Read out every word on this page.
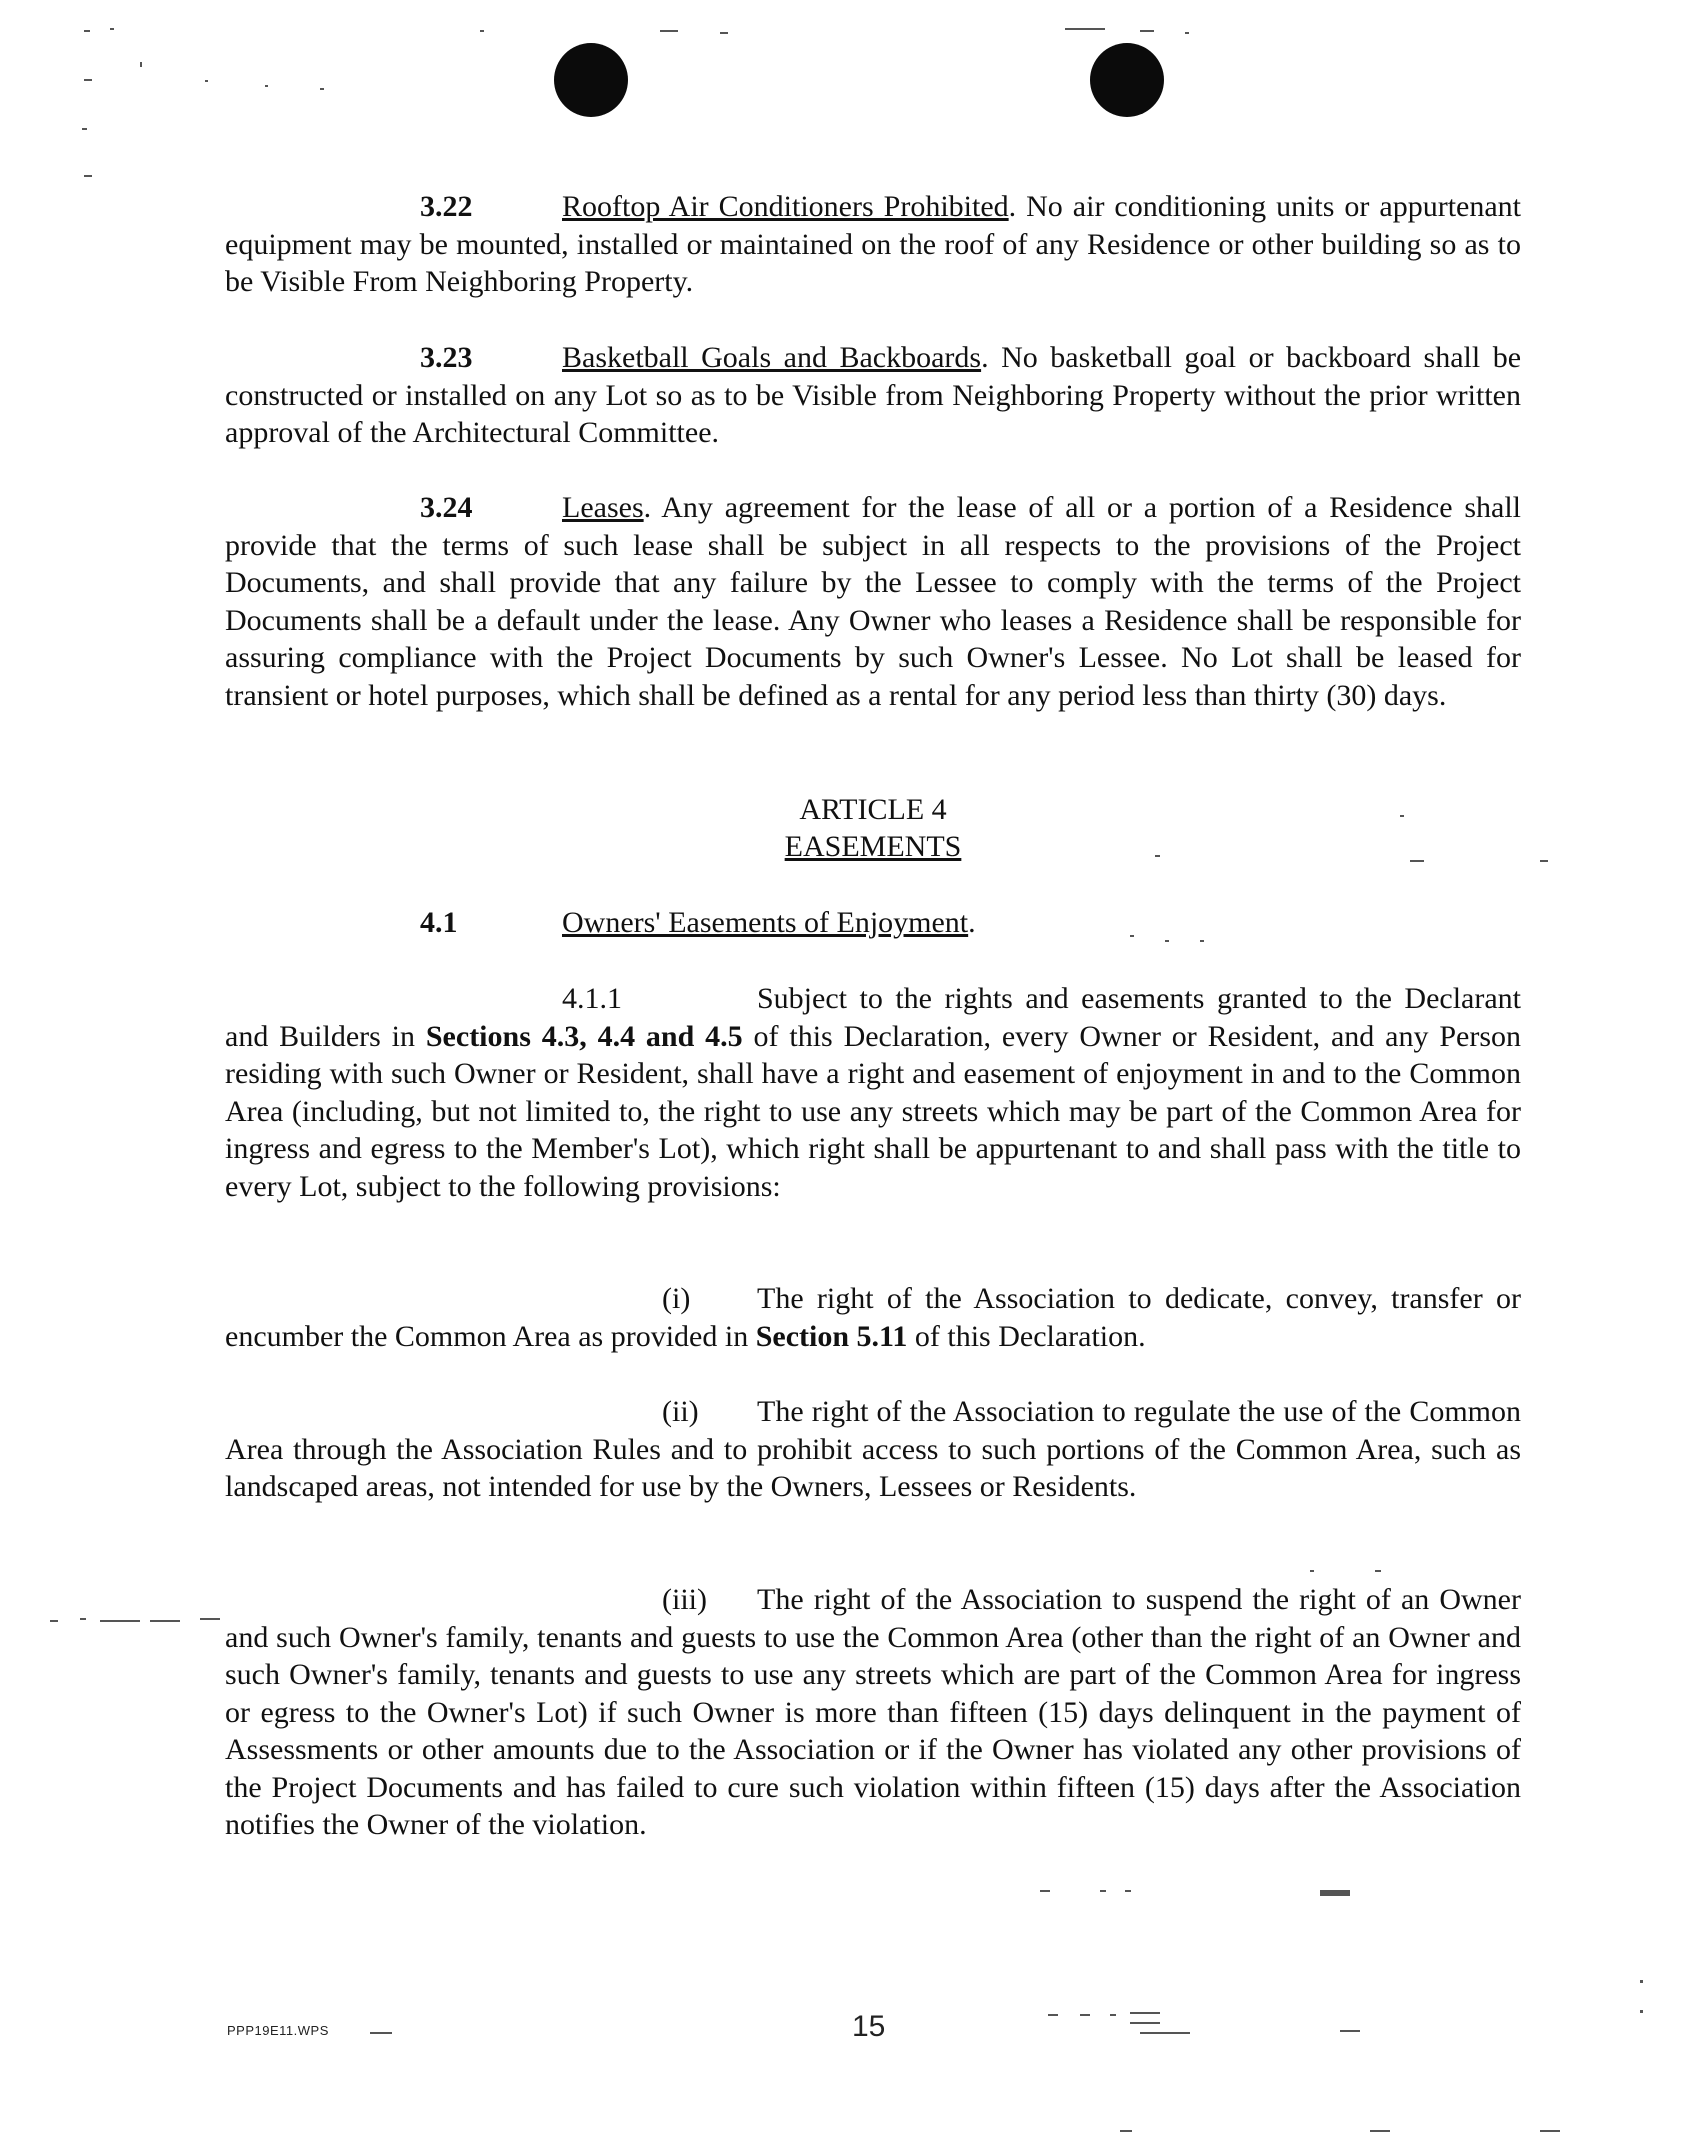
3.22	Rooftop Air Conditioners Prohibited. No air conditioning units or appurtenant equipment may be mounted, installed or maintained on the roof of any Residence or other building so as to be Visible From Neighboring Property.
3.23	Basketball Goals and Backboards. No basketball goal or backboard shall be constructed or installed on any Lot so as to be Visible from Neighboring Property without the prior written approval of the Architectural Committee.
3.24	Leases. Any agreement for the lease of all or a portion of a Residence shall provide that the terms of such lease shall be subject in all respects to the provisions of the Project Documents, and shall provide that any failure by the Lessee to comply with the terms of the Project Documents shall be a default under the lease. Any Owner who leases a Residence shall be responsible for assuring compliance with the Project Documents by such Owner's Lessee. No Lot shall be leased for transient or hotel purposes, which shall be defined as a rental for any period less than thirty (30) days.
ARTICLE 4
EASEMENTS
4.1	Owners' Easements of Enjoyment.
4.1.1	Subject to the rights and easements granted to the Declarant and Builders in Sections 4.3, 4.4 and 4.5 of this Declaration, every Owner or Resident, and any Person residing with such Owner or Resident, shall have a right and easement of enjoyment in and to the Common Area (including, but not limited to, the right to use any streets which may be part of the Common Area for ingress and egress to the Member's Lot), which right shall be appurtenant to and shall pass with the title to every Lot, subject to the following provisions:
(i) The right of the Association to dedicate, convey, transfer or encumber the Common Area as provided in Section 5.11 of this Declaration.
(ii) The right of the Association to regulate the use of the Common Area through the Association Rules and to prohibit access to such portions of the Common Area, such as landscaped areas, not intended for use by the Owners, Lessees or Residents.
(iii) The right of the Association to suspend the right of an Owner and such Owner's family, tenants and guests to use the Common Area (other than the right of an Owner and such Owner's family, tenants and guests to use any streets which are part of the Common Area for ingress or egress to the Owner's Lot) if such Owner is more than fifteen (15) days delinquent in the payment of Assessments or other amounts due to the Association or if the Owner has violated any other provisions of the Project Documents and has failed to cure such violation within fifteen (15) days after the Association notifies the Owner of the violation.
PPP19E11.WPS	15
